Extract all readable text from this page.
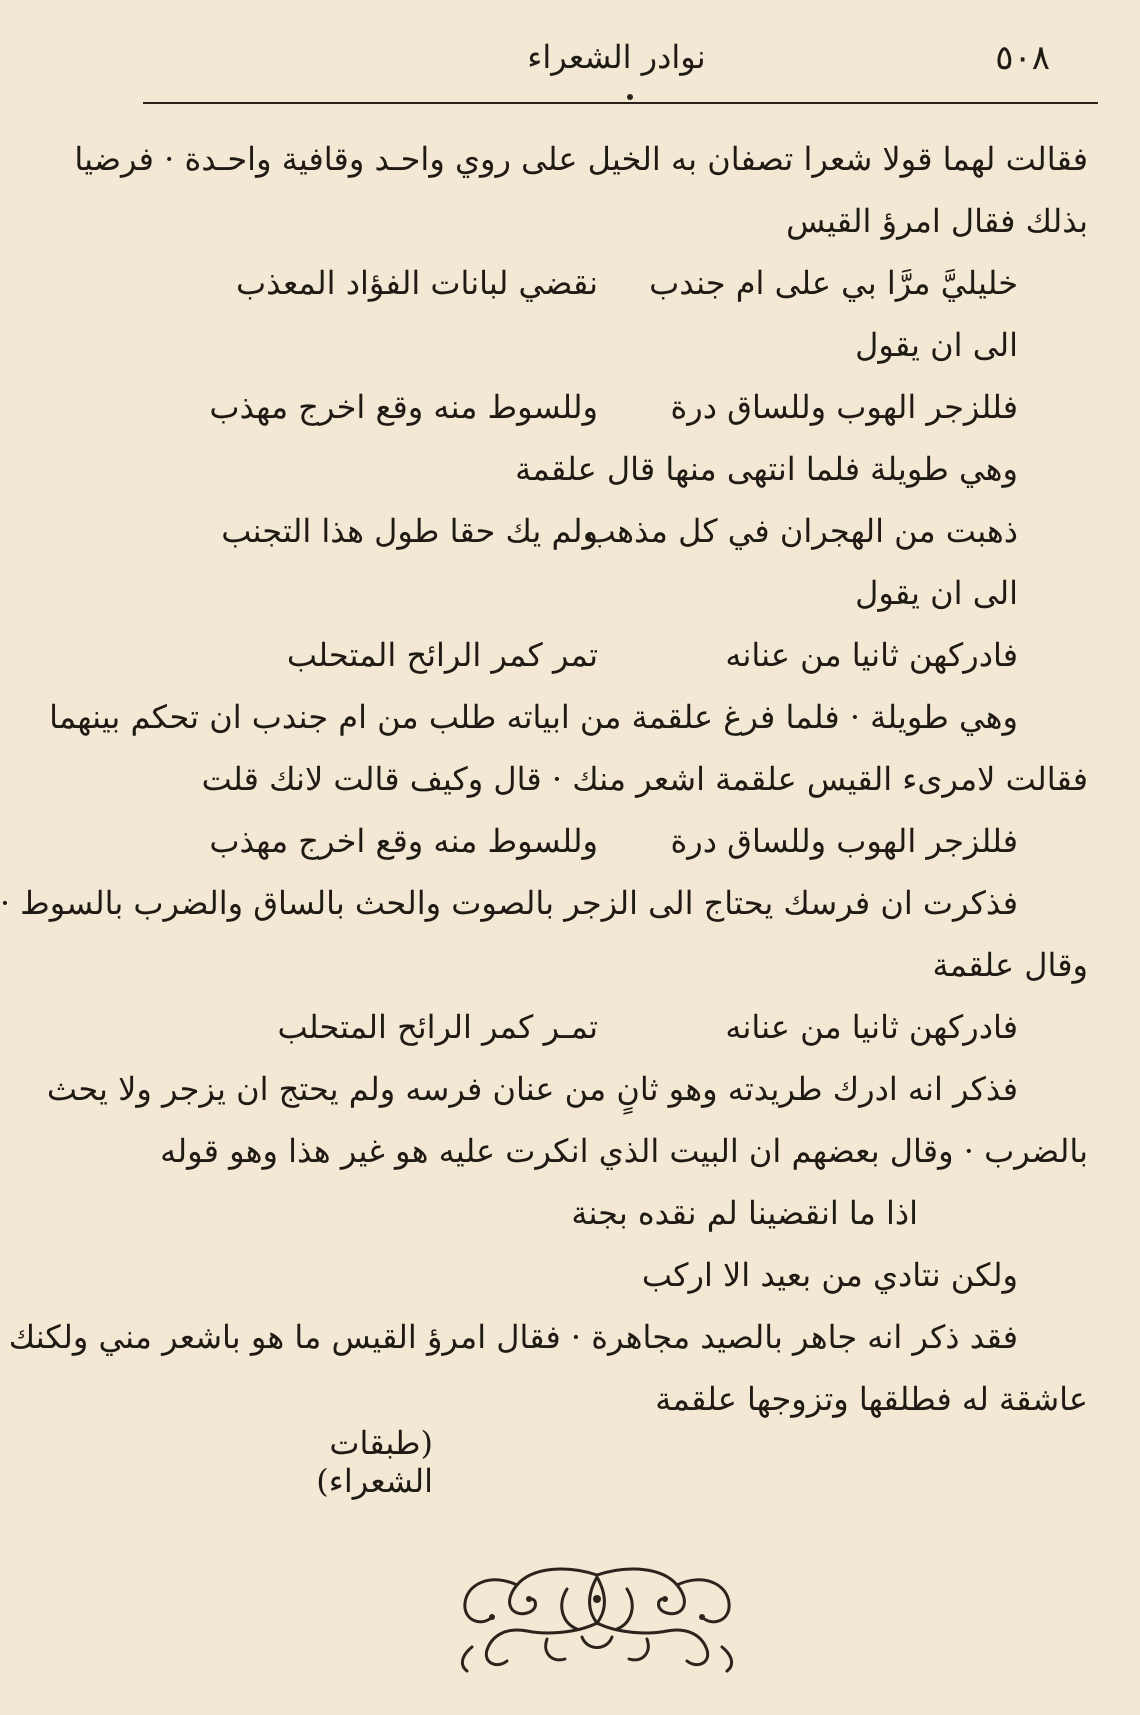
٥٠٨
نوادر الشعراء
فقالت لهما قولا شعرا تصفان به الخيل على روي واحـد وقافية واحـدة · فرضيا
بذلك فقال امرؤ القيس
خليليَّ مرَّا بي على ام جندب
نقضي لبانات الفؤاد المعذب
الى ان يقول
فللزجر الهوب وللساق درة
وللسوط منه وقع اخرج مهذب
وهي طويلة فلما انتهى منها قال علقمة
ذهبت من الهجران في كل مذهب
ولم يك حقا طول هذا التجنب
الى ان يقول
فادركهن ثانيا من عنانه
تمر كمر الرائح المتحلب
وهي طويلة · فلما فرغ علقمة من ابياته طلب من ام جندب ان تحكم بينهما
فقالت لامرىء القيس علقمة اشعر منك · قال وكيف قالت لانك قلت
فللزجر الهوب وللساق درة
وللسوط منه وقع اخرج مهذب
فذكرت ان فرسك يحتاج الى الزجر بالصوت والحث بالساق والضرب بالسوط ·
وقال علقمة
فادركهن ثانيا من عنانه
تمـر كمر الرائح المتحلب
فذكر انه ادرك طريدته وهو ثانٍ من عنان فرسه ولم يحتج ان يزجر ولا يحث
بالضرب · وقال بعضهم ان البيت الذي انكرت عليه هو غير هذا وهو قوله
اذا ما انقضينا لم نقده بجنة
ولكن نتادي من بعيد الا اركب
فقد ذكر انه جاهر بالصيد مجاهرة · فقال امرؤ القيس ما هو باشعر مني ولكنك
عاشقة له فطلقها وتزوجها علقمة
(طبقات الشعراء)
